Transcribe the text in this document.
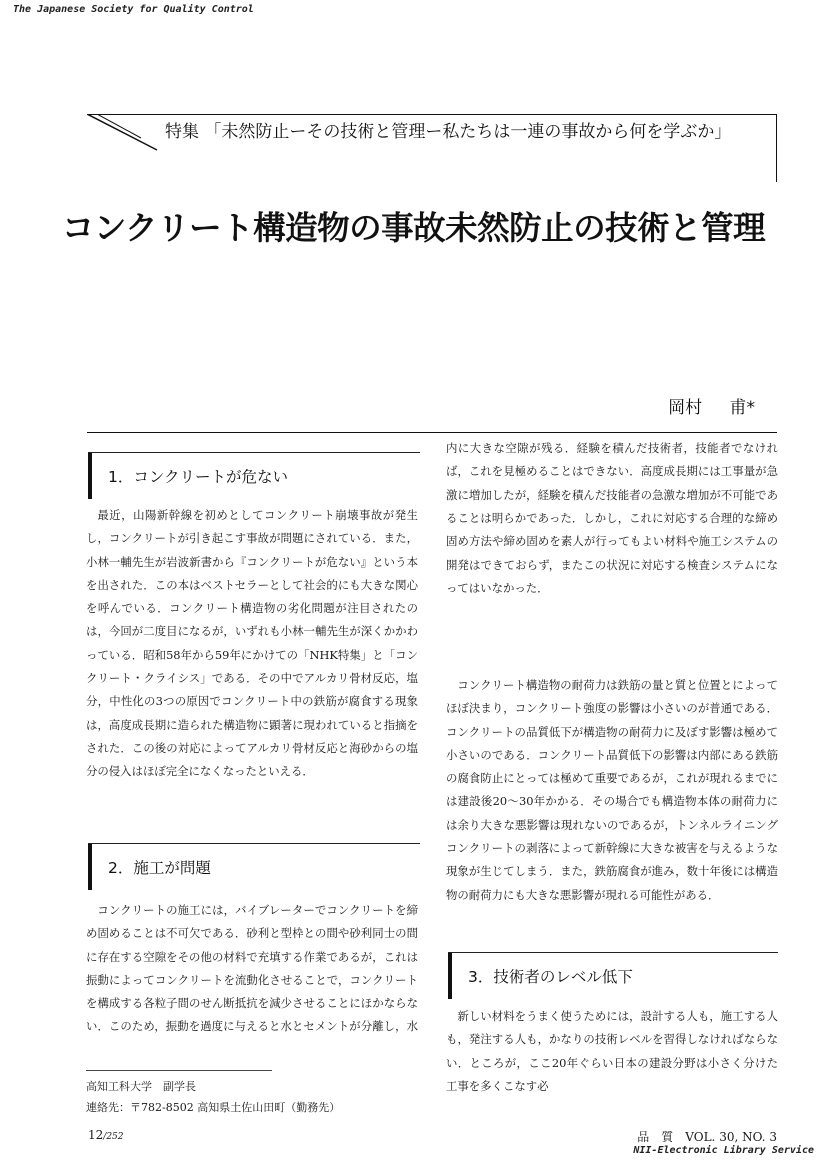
The Japanese Society for Quality Control
特集 「未然防止ーその技術と管理ー私たちは一連の事故から何を学ぶか」
コンクリート構造物の事故未然防止の技術と管理
岡村 甫*
1．コンクリートが危ない

最近，山陽新幹線を初めとしてコンクリート崩壊事故が発生し，コンクリートが引き起こす事故が問題にされている．また，小林一輔先生が岩波新書から『コンクリートが危ない』という本を出された．この本はベストセラーとして社会的にも大きな関心を呼んでいる．コンクリート構造物の劣化問題が注目されたのは，今回が二度目になるが，いずれも小林一輔先生が深くかかわっている．昭和58年から59年にかけての「NHK特集」と「コンクリート・クライシス」である．その中でアルカリ骨材反応，塩分，中性化の3つの原因でコンクリート中の鉄筋が腐食する現象は，高度成長期に造られた構造物に顕著に現われていると指摘をされた．この後の対応によってアルカリ骨材反応と海砂からの塩分の侵入はほぼ完全になくなったといえる．

2．施工が問題

コンクリートの施工には，バイブレーターでコンクリートを締め固めることは不可欠である．砂利と型枠との間や砂利同士の間に存在する空隙をその他の材料で充填する作業であるが，これは振動によってコンクリートを流動化させることで，コンクリートを構成する各粒子間のせん断抵抗を減少させることにほかならない．このため，振動を過度に与えると水とセメントが分離し，水

内に大きな空隙が残る．経験を積んだ技術者，技能者でなければ，これを見極めることはできない．高度成長期には工事量が急激に増加したが，経験を積んだ技能者の急激な増加が不可能であることは明らかであった．しかし，これに対応する合理的な締め固め方法や締め固めを素人が行ってもよい材料や施工システムの開発はできておらず，またこの状況に対応する検査システムになってはいなかった．

コンクリート構造物の耐荷力は鉄筋の量と質と位置とによってほぼ決まり，コンクリート強度の影響は小さいのが普通である．コンクリートの品質低下が構造物の耐荷力に及ぼす影響は極めて小さいのである．コンクリート品質低下の影響は内部にある鉄筋の腐食防止にとっては極めて重要であるが，これが現れるまでには建設後20～30年かかる．その場合でも構造物本体の耐荷力には余り大きな悪影響は現れないのであるが，トンネルライニングコンクリートの剥落によって新幹線に大きな被害を与えるような現象が生じてしまう．また，鉄筋腐食が進み，数十年後には構造物の耐荷力にも大きな悪影響が現れる可能性がある．

3．技術者のレベル低下

新しい材料をうまく使うためには，設計する人も，施工する人も，発注する人も，かなりの技術レベルを習得しなければならない．ところが，ここ20年ぐらい日本の建設分野は小さく分けた工事を多くこなす必

高知工科大学　副学長
連絡先：〒782-8502 高知県土佐山田町（勤務先）
12/252	品　質　VOL. 30, NO. 3
NII-Electronic Library Service
